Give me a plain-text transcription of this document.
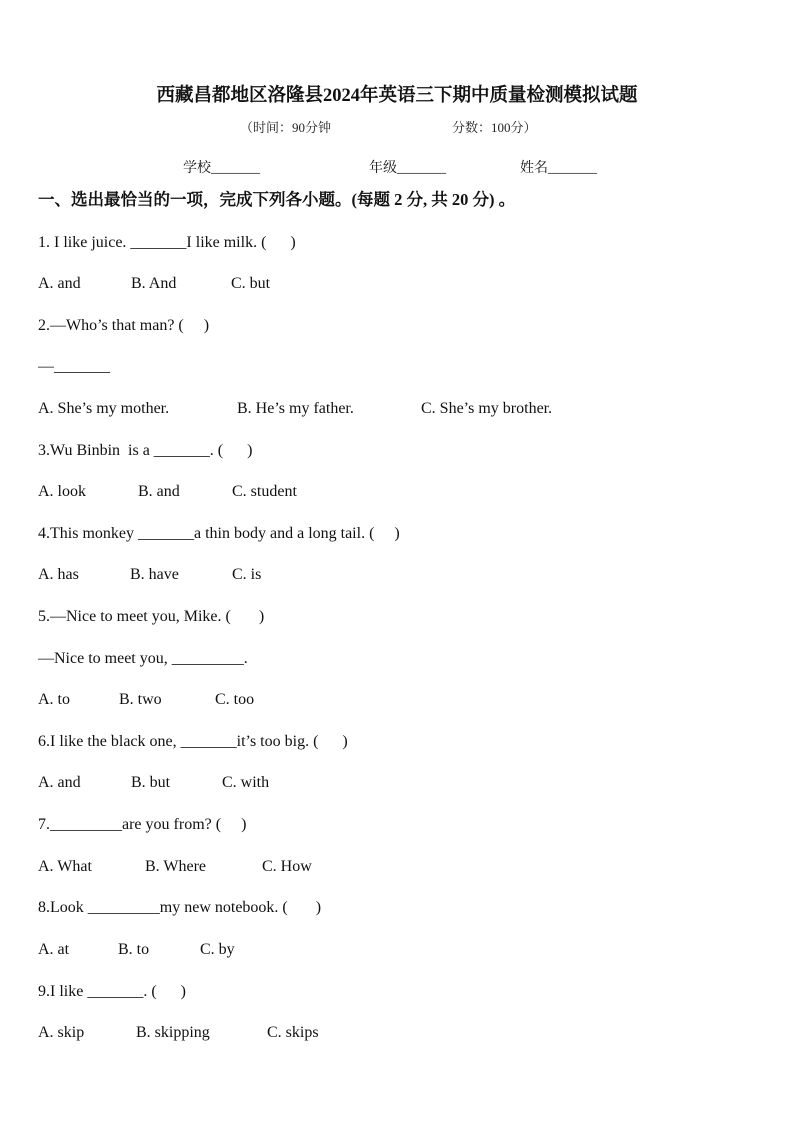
西藏昌都地区洛隆县2024年英语三下期中质量检测模拟试题
（时间：90分钟	分数：100分）
学校_______	年级_______	姓名_______
一、选出最恰当的一项，完成下列各小题。(每题 2 分, 共 20 分) 。
1. I like juice. _______I like milk. (      )
A. and	B. And	C. but
2.—Who’s that man? (     )
—_______
A. She’s my mother.	B. He’s my father.	C. She’s my brother.
3.Wu Binbin  is a _______. (      )
A. look	B. and	C. student
4.This monkey _______a thin body and a long tail. (     )
A. has	B. have	C. is
5.—Nice to meet you, Mike. (       )
—Nice to meet you, _________.
A. to	B. two	C. too
6.I like the black one, _______it’s too big. (      )
A. and	B. but	C. with
7._________are you from? (     )
A. What	B. Where	C. How
8.Look _________my new notebook. (       )
A. at	B. to	C. by
9.I like _______. (      )
A. skip	B. skipping	C. skips
